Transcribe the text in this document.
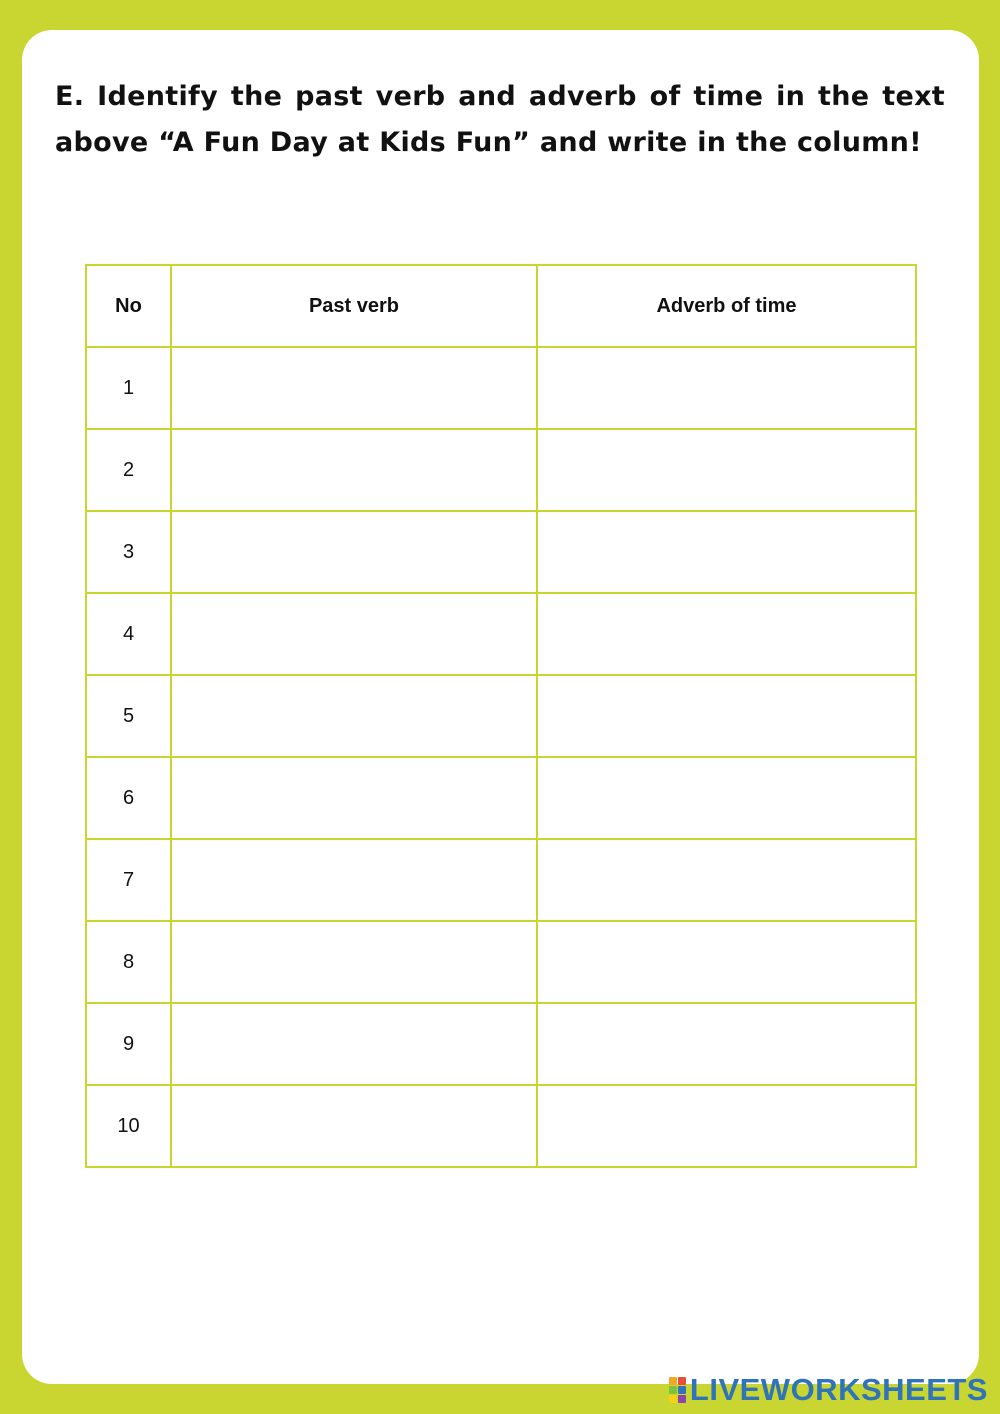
E. Identify the past verb and adverb of time in the text above “A Fun Day at Kids Fun” and write in the column!

No	Past verb	Adverb of time
1		
2		
3		
4		
5		
6		
7		
8		
9		
10		
LIVEWORKSHEETS
